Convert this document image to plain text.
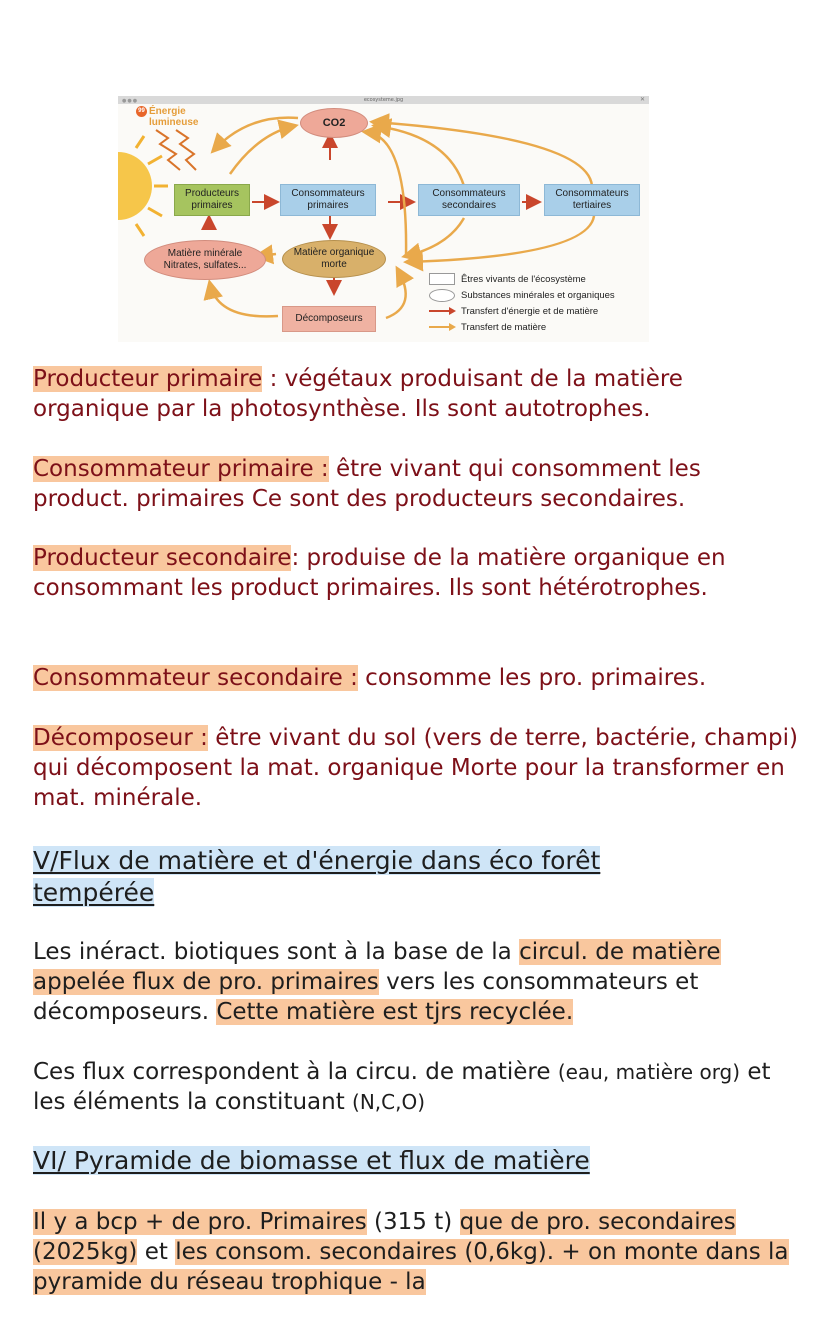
●●●	ecosysteme.jpg	✕
99 Énergie lumineuse	CO2
Producteurs
primaires
Consommateurs
primaires
Consommateurs
secondaires
Consommateurs
tertiaires
Matière minérale
Nitrates, sulfates...
Matière organique
morte
Décomposeurs
Êtres vivants de l'écosystème
Substances minérales et organiques
Transfert d'énergie et de matière
Transfert de matière

Producteur primaire : végétaux produisant de la matière organique par la photosynthèse. Ils sont autotrophes.

Consommateur primaire : être vivant qui consomment les product. primaires Ce sont des producteurs secondaires.

Producteur secondaire: produise de la matière organique en consommant les product primaires. Ils sont hétérotrophes.

Consommateur secondaire : consomme les pro. primaires.

Décomposeur : être vivant du sol (vers de terre, bactérie, champi) qui décomposent la mat. organique Morte pour la transformer en mat. minérale.

V/Flux de matière et d'énergie dans éco forêt tempérée

Les inéract. biotiques sont à la base de la circul. de matière appelée flux de pro. primaires vers les consommateurs et décomposeurs. Cette matière est tjrs recyclée.

Ces flux correspondent à la circu. de matière (eau, matière org) et les éléments la constituant (N,C,O)

VI/ Pyramide de biomasse et flux de matière

Il y a bcp + de pro. Primaires (315 t) que de pro. secondaires (2025kg) et les consom. secondaires (0,6kg). + on monte dans la pyramide du réseau trophique - la
